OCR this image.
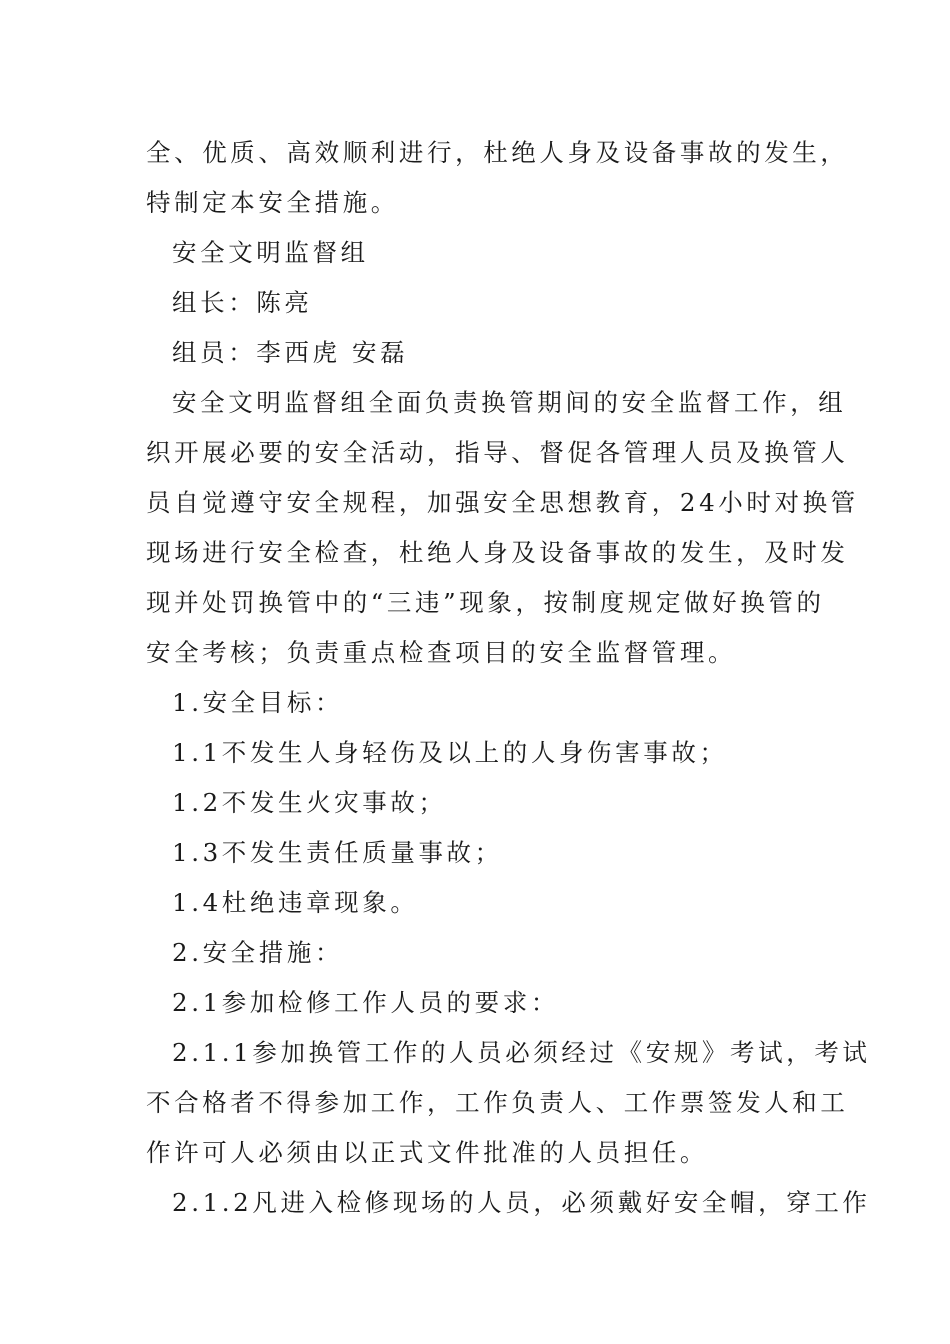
全、优质、高效顺利进行，杜绝人身及设备事故的发生，
特制定本安全措施。
安全文明监督组
组长：陈亮
组员：李西虎 安磊
安全文明监督组全面负责换管期间的安全监督工作，组
织开展必要的安全活动，指导、督促各管理人员及换管人
员自觉遵守安全规程，加强安全思想教育，24小时对换管
现场进行安全检查，杜绝人身及设备事故的发生，及时发
现并处罚换管中的“三违”现象，按制度规定做好换管的
安全考核；负责重点检查项目的安全监督管理。
1.安全目标：
1.1不发生人身轻伤及以上的人身伤害事故；
1.2不发生火灾事故；
1.3不发生责任质量事故；
1.4杜绝违章现象。
2.安全措施：
2.1参加检修工作人员的要求：
2.1.1参加换管工作的人员必须经过《安规》考试，考试
不合格者不得参加工作，工作负责人、工作票签发人和工
作许可人必须由以正式文件批准的人员担任。
2.1.2凡进入检修现场的人员，必须戴好安全帽，穿工作
